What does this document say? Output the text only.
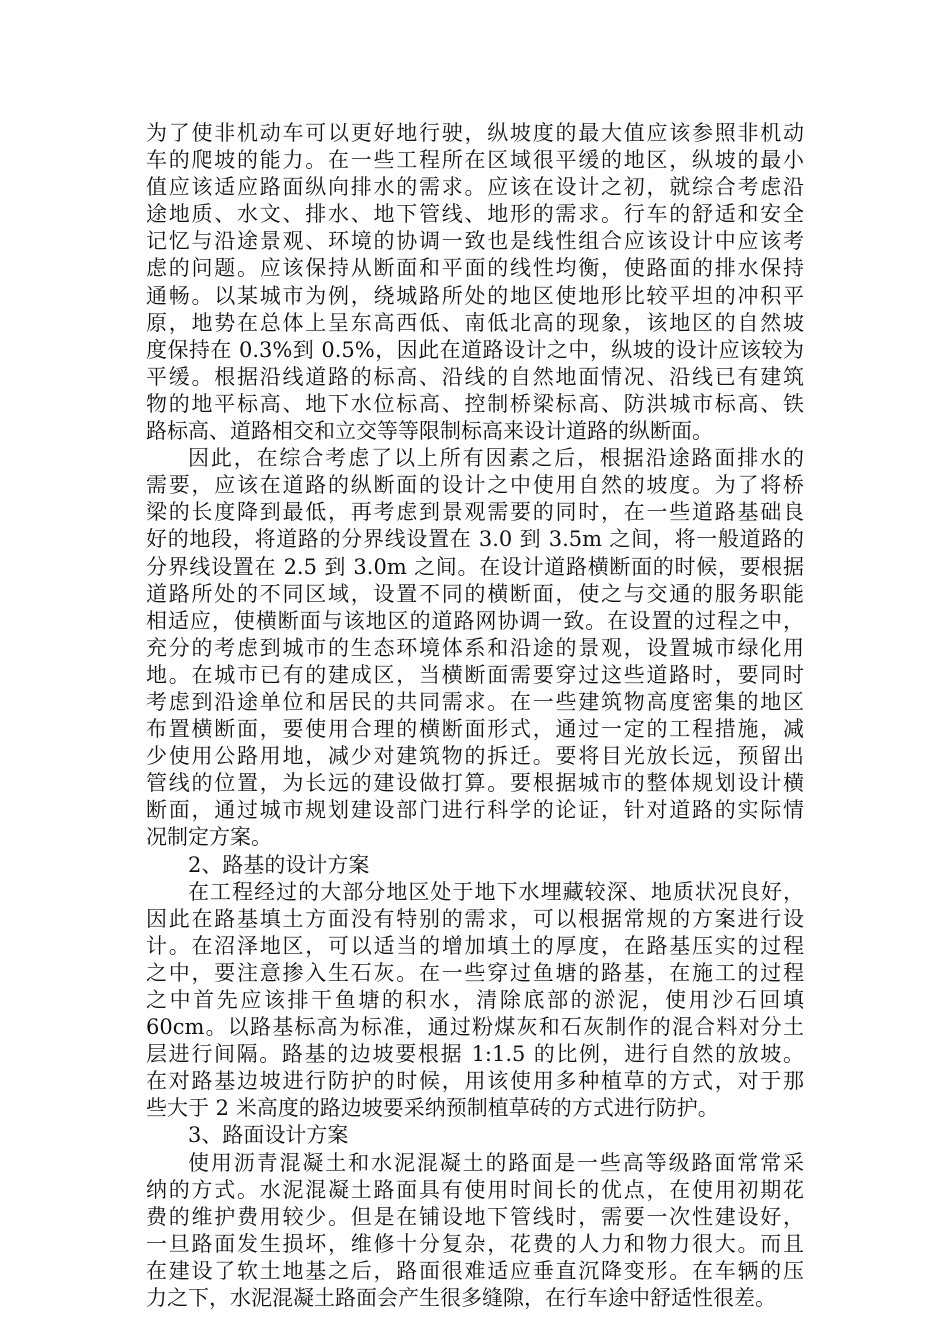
为了使非机动车可以更好地行驶，纵坡度的最大值应该参照非机动
车的爬坡的能力。在一些工程所在区域很平缓的地区，纵坡的最小
值应该适应路面纵向排水的需求。应该在设计之初，就综合考虑沿
途地质、水文、排水、地下管线、地形的需求。行车的舒适和安全
记忆与沿途景观、环境的协调一致也是线性组合应该设计中应该考
虑的问题。应该保持从断面和平面的线性均衡，使路面的排水保持
通畅。以某城市为例，绕城路所处的地区使地形比较平坦的冲积平
原，地势在总体上呈东高西低、南低北高的现象，该地区的自然坡
度保持在 0.3%到 0.5%，因此在道路设计之中，纵坡的设计应该较为
平缓。根据沿线道路的标高、沿线的自然地面情况、沿线已有建筑
物的地平标高、地下水位标高、控制桥梁标高、防洪城市标高、铁
路标高、道路相交和立交等等限制标高来设计道路的纵断面。
因此，在综合考虑了以上所有因素之后，根据沿途路面排水的
需要，应该在道路的纵断面的设计之中使用自然的坡度。为了将桥
梁的长度降到最低，再考虑到景观需要的同时，在一些道路基础良
好的地段，将道路的分界线设置在 3.0 到 3.5m 之间，将一般道路的
分界线设置在 2.5 到 3.0m 之间。在设计道路横断面的时候，要根据
道路所处的不同区域，设置不同的横断面，使之与交通的服务职能
相适应，使横断面与该地区的道路网协调一致。在设置的过程之中，
充分的考虑到城市的生态环境体系和沿途的景观，设置城市绿化用
地。在城市已有的建成区，当横断面需要穿过这些道路时，要同时
考虑到沿途单位和居民的共同需求。在一些建筑物高度密集的地区
布置横断面，要使用合理的横断面形式，通过一定的工程措施，减
少使用公路用地，减少对建筑物的拆迁。要将目光放长远，预留出
管线的位置，为长远的建设做打算。要根据城市的整体规划设计横
断面，通过城市规划建设部门进行科学的论证，针对道路的实际情
况制定方案。
2、路基的设计方案
在工程经过的大部分地区处于地下水埋藏较深、地质状况良好，
因此在路基填土方面没有特别的需求，可以根据常规的方案进行设
计。在沼泽地区，可以适当的增加填土的厚度，在路基压实的过程
之中，要注意掺入生石灰。在一些穿过鱼塘的路基，在施工的过程
之中首先应该排干鱼塘的积水，清除底部的淤泥，使用沙石回填
60cm。以路基标高为标准，通过粉煤灰和石灰制作的混合料对分土
层进行间隔。路基的边坡要根据 1:1.5 的比例，进行自然的放坡。
在对路基边坡进行防护的时候，用该使用多种植草的方式，对于那
些大于 2 米高度的路边坡要采纳预制植草砖的方式进行防护。
3、路面设计方案
使用沥青混凝土和水泥混凝土的路面是一些高等级路面常常采
纳的方式。水泥混凝土路面具有使用时间长的优点，在使用初期花
费的维护费用较少。但是在铺设地下管线时，需要一次性建设好，
一旦路面发生损坏，维修十分复杂，花费的人力和物力很大。而且
在建设了软土地基之后，路面很难适应垂直沉降变形。在车辆的压
力之下，水泥混凝土路面会产生很多缝隙，在行车途中舒适性很差。
